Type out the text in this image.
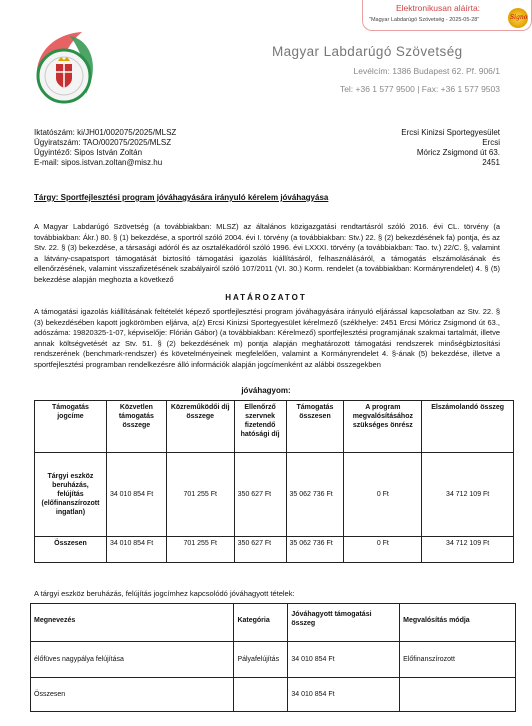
Elektronikusan aláírta:
"Magyar Labdarúgó Szövetség - 2025-05-28"	Signo
Magyar Labdarúgó Szövetség
Levélcím: 1386 Budapest 62. Pf. 906/1
Tel: +36 1 577 9500 | Fax: +36 1 577 9503
Iktatószám: ki/JH01/002075/2025/MLSZ
Ügyiratszám: TAO/002075/2025/MLSZ
Ügyintéző: Sipos István Zoltán
E-mail: sipos.istvan.zoltan@misz.hu
Ercsi Kinizsi Sportegyesület
Ercsi
Móricz Zsigmond út 63.
2451
Tárgy: Sportfejlesztési program jóváhagyására irányuló kérelem jóváhagyása
A Magyar Labdarúgó Szövetség (a továbbiakban: MLSZ) az általános közigazgatási rendtartásról szóló 2016. évi CL. törvény (a továbbiakban: Ákr.) 80. § (1) bekezdése, a sportról szóló 2004. évi I. törvény (a továbbiakban: Stv.) 22. § (2) bekezdésének fa) pontja, és az Stv. 22. § (3) bekezdése, a társasági adóról és az osztalékadóról szóló 1996. évi LXXXI. törvény (a továbbiakban: Tao. tv.) 22/C. §, valamint a látvány-csapatsport támogatását biztosító támogatási igazolás kiállításáról, felhasználásáról, a támogatás elszámolásának és ellenőrzésének, valamint visszafizetésének szabályairól szóló 107/2011 (VI. 30.) Korm. rendelet (a továbbiakban: Kormányrendelet) 4. § (5) bekezdése alapján meghozta a következő
HATÁROZATOT
A támogatási igazolás kiállításának feltételét képező sportfejlesztési program jóváhagyására irányuló eljárással kapcsolatban az Stv. 22. § (3) bekezdésében kapott jogkörömben eljárva, a(z) Ercsi Kinizsi Sportegyesület kérelmező (székhelye: 2451 Ercsi Móricz Zsigmond út 63., adószáma: 19820325-1-07, képviselője: Flórián Gábor) (a továbbiakban: Kérelmező) sportfejlesztési programjának szakmai tartalmát, illetve annak költségvetését az Stv. 51. § (2) bekezdésének m) pontja alapján meghatározott támogatási rendszerek minőségbiztosítási rendszerének (benchmark-rendszer) és követelményeinek megfelelően, valamint a Kormányrendelet 4. §-ának (5) bekezdése, illetve a sportfejlesztési programban rendelkezésre álló információk alapján jogcímenként az alábbi összegekben
jóváhagyom:
Támogatás jogcíme	Közvetlen támogatás összege	Közreműködői díj összege	Ellenőrző szervnek fizetendő hatósági díj	Támogatás összesen	A program megvalósításához szükséges önrész	Elszámolandó összeg
Tárgyi eszköz beruházás, felújítás (előfinanszírozott ingatlan)	34 010 854 Ft	701 255 Ft	350 627 Ft	35 062 736 Ft	0 Ft	34 712 109 Ft
Összesen	34 010 854 Ft	701 255 Ft	350 627 Ft	35 062 736 Ft	0 Ft	34 712 109 Ft
A tárgyi eszköz beruházás, felújítás jogcímhez kapcsolódó jóváhagyott tételek:
Megnevezés	Kategória	Jóváhagyott támogatási összeg	Megvalósítás módja
élőfüves nagypálya felújítása	Pályafelújítás	34 010 854 Ft	Előfinanszírozott
Összesen		34 010 854 Ft	
